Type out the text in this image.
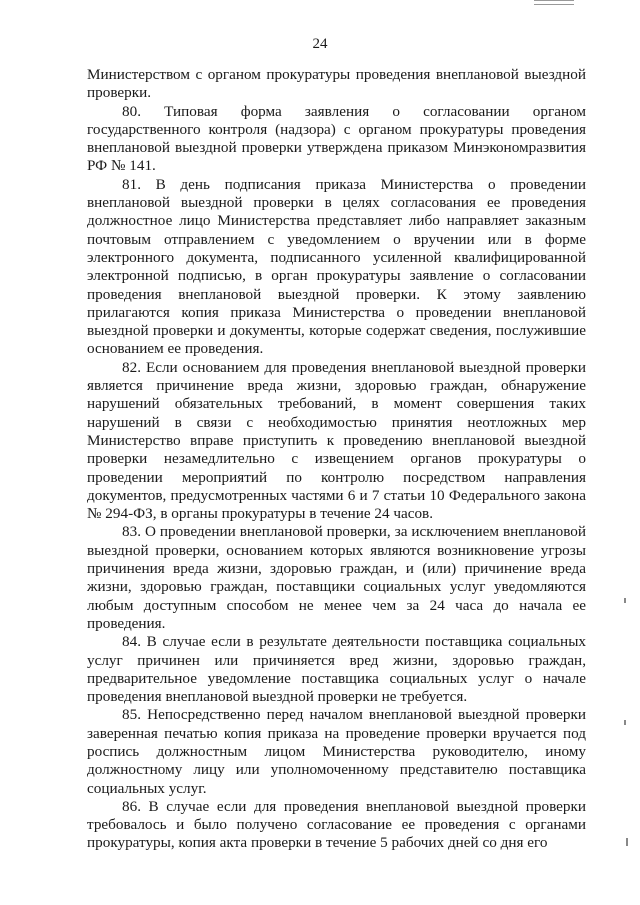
24

Министерством с органом прокуратуры проведения внеплановой выездной проверки.

80. Типовая форма заявления о согласовании органом государственного контроля (надзора) с органом прокуратуры проведения внеплановой выездной проверки утверждена приказом Минэкономразвития РФ № 141.

81. В день подписания приказа Министерства о проведении внеплановой выездной проверки в целях согласования ее проведения должностное лицо Министерства представляет либо направляет заказным почтовым отправлением с уведомлением о вручении или в форме электронного документа, подписанного усиленной квалифицированной электронной подписью, в орган прокуратуры заявление о согласовании проведения внеплановой выездной проверки. К этому заявлению прилагаются копия приказа Министерства о проведении внеплановой выездной проверки и документы, которые содержат сведения, послужившие основанием ее проведения.

82. Если основанием для проведения внеплановой выездной проверки является причинение вреда жизни, здоровью граждан, обнаружение нарушений обязательных требований, в момент совершения таких нарушений в связи с необходимостью принятия неотложных мер Министерство вправе приступить к проведению внеплановой выездной проверки незамедлительно с извещением органов прокуратуры о проведении мероприятий по контролю посредством направления документов, предусмотренных частями 6 и 7 статьи 10 Федерального закона № 294-ФЗ, в органы прокуратуры в течение 24 часов.

83. О проведении внеплановой проверки, за исключением внеплановой выездной проверки, основанием которых являются возникновение угрозы причинения вреда жизни, здоровью граждан, и (или) причинение вреда жизни, здоровью граждан, поставщики социальных услуг уведомляются любым доступным способом не менее чем за 24 часа до начала ее проведения.

84. В случае если в результате деятельности поставщика социальных услуг причинен или причиняется вред жизни, здоровью граждан, предварительное уведомление поставщика социальных услуг о начале проведения внеплановой выездной проверки не требуется.

85. Непосредственно перед началом внеплановой выездной проверки заверенная печатью копия приказа на проведение проверки вручается под роспись должностным лицом Министерства руководителю, иному должностному лицу или уполномоченному представителю поставщика социальных услуг.

86. В случае если для проведения внеплановой выездной проверки требовалось и было получено согласование ее проведения с органами прокуратуры, копия акта проверки в течение 5 рабочих дней со дня его
